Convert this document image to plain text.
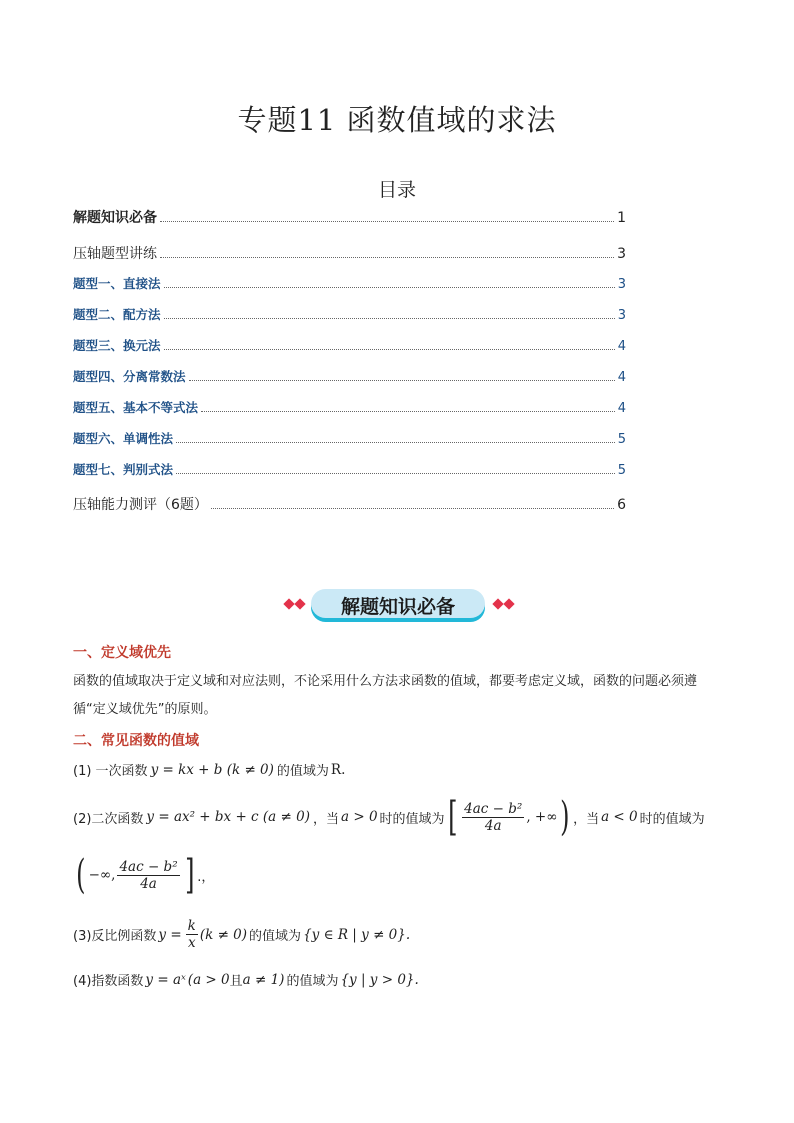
专题11 函数值域的求法
目录
解题知识必备	1
压轴题型讲练	3
题型一、直接法	3
题型二、配方法	3
题型三、换元法	4
题型四、分离常数法	4
题型五、基本不等式法	4
题型六、单调性法	5
题型七、判别式法	5
压轴能力测评（6题）	6
解题知识必备
一、定义域优先
函数的值域取决于定义域和对应法则，不论采用什么方法求函数的值域，都要考虑定义域，函数的问题必须遵循“定义域优先”的原则。
二、常见函数的值域
(1) 一次函数 y = kx + b (k ≠ 0) 的值域为 R.
(2)二次函数 y = ax² + bx + c (a ≠ 0) ，当 a > 0 时的值域为 [ $\frac{\text{4ac − b²}}{4a}$ , +∞ ) ，当 a < 0 时的值域为
( −∞, $\frac{\text{4ac − b²}}{4a}$ ] .，
(3)反比例函数 $y = \frac{k}{x} (k \ne 0)$ 的值域为 {y ∈ R | y ≠ 0}.
(4)指数函数 y = aˣ (a > 0 且 a ≠ 1) 的值域为 {y | y > 0}.
